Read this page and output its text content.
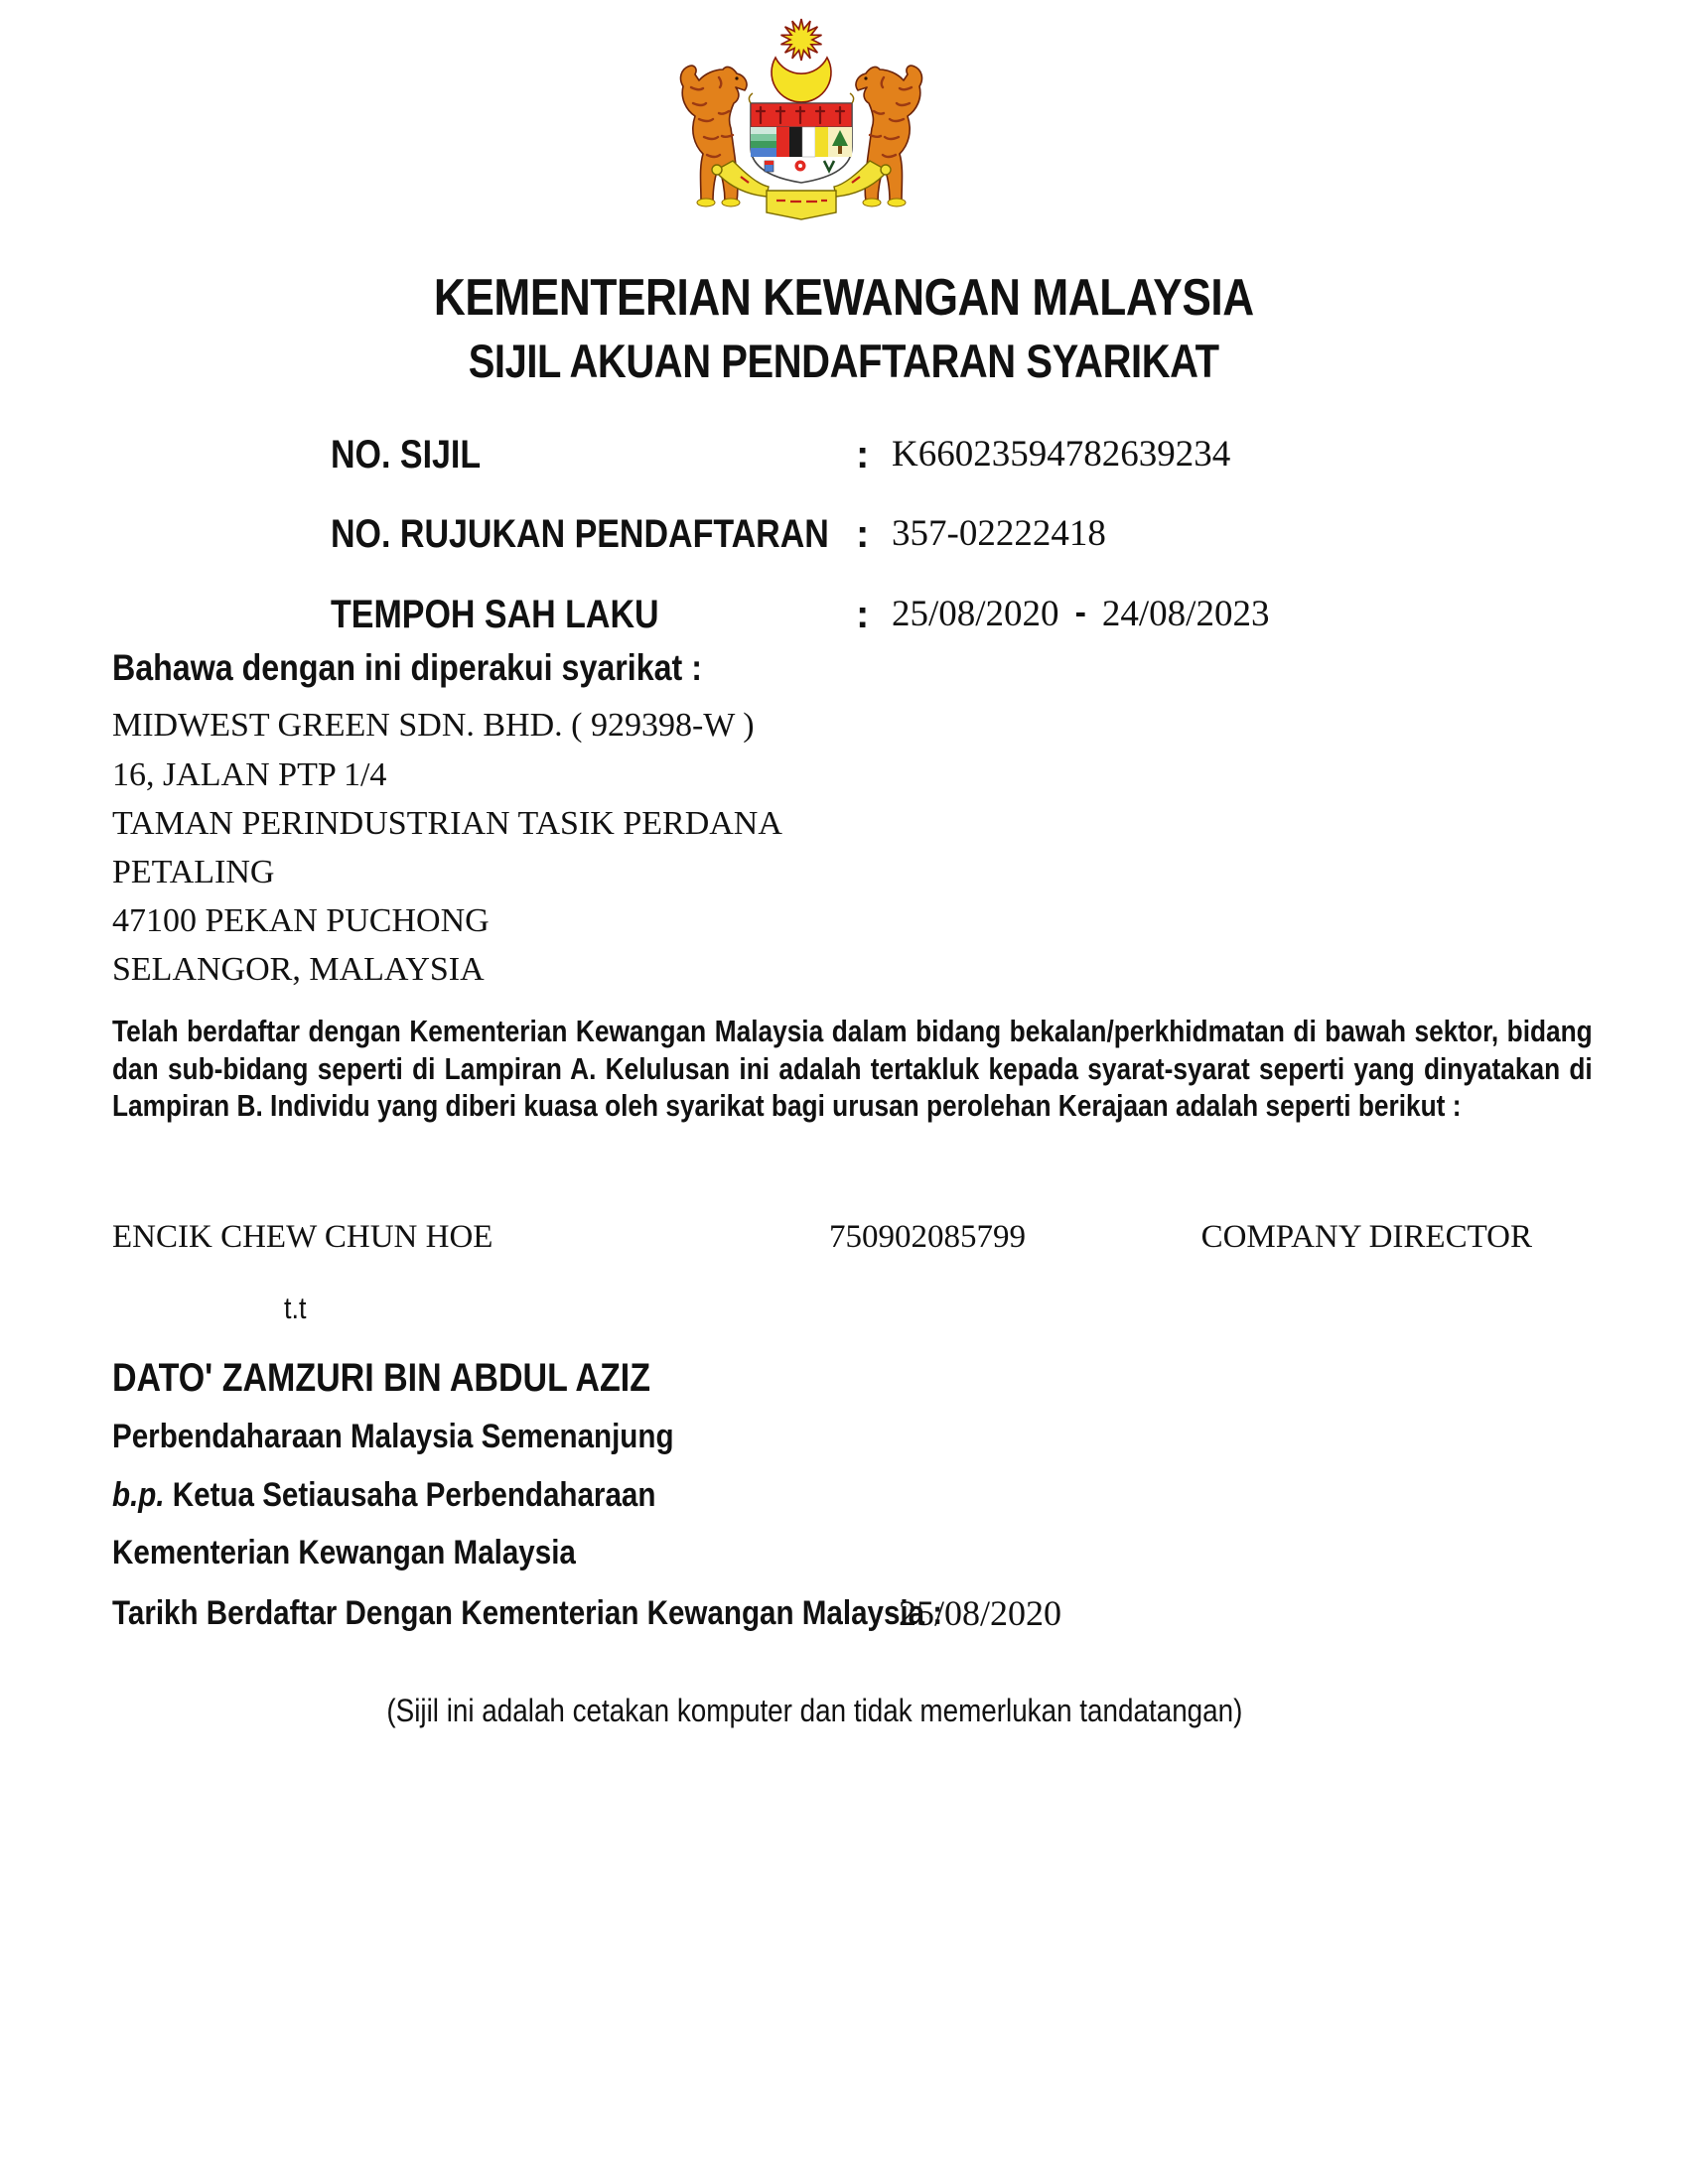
KEMENTERIAN KEWANGAN MALAYSIA
SIJIL AKUAN PENDAFTARAN SYARIKAT
NO. SIJIL	: K66023594782639234
NO. RUJUKAN PENDAFTARAN : 357-02222418
TEMPOH SAH LAKU	: 25/08/2020 - 24/08/2023
Bahawa dengan ini diperakui syarikat :
MIDWEST GREEN SDN. BHD. ( 929398-W )
16, JALAN PTP 1/4
TAMAN PERINDUSTRIAN TASIK PERDANA
PETALING
47100 PEKAN PUCHONG
SELANGOR, MALAYSIA
Telah berdaftar dengan Kementerian Kewangan Malaysia dalam bidang bekalan/perkhidmatan di bawah sektor, bidang dan sub-bidang seperti di Lampiran A. Kelulusan ini adalah tertakluk kepada syarat-syarat seperti yang dinyatakan di Lampiran B. Individu yang diberi kuasa oleh syarikat bagi urusan perolehan Kerajaan adalah seperti berikut :
ENCIK CHEW CHUN HOE	750902085799	COMPANY DIRECTOR
t.t
DATO' ZAMZURI BIN ABDUL AZIZ
Perbendaharaan Malaysia Semenanjung
b.p. Ketua Setiausaha Perbendaharaan
Kementerian Kewangan Malaysia
Tarikh Berdaftar Dengan Kementerian Kewangan Malaysia :
25/08/2020
(Sijil ini adalah cetakan komputer dan tidak memerlukan tandatangan)
